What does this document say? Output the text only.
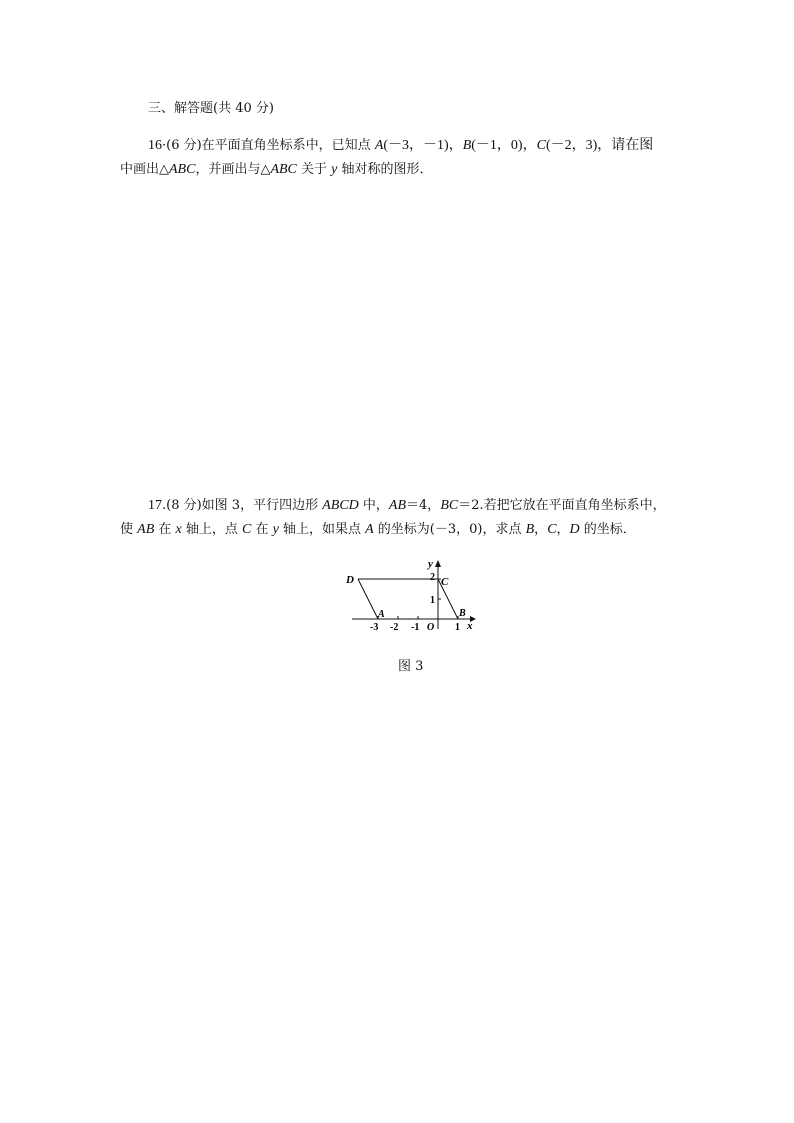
三、解答题(共 40 分)
16·(6 分)在平面直角坐标系中，已知点 A(－3，－1)，B(－1，0)，C(－2，3)，请在图
中画出△ABC，并画出与△ABC 关于 y 轴对称的图形．
17.(8 分)如图 3，平行四边形 ABCD 中，AB＝4，BC＝2.若把它放在平面直角坐标系中，
使 AB 在 x 轴上，点 C 在 y 轴上，如果点 A 的坐标为(－3，0)，求点 B，C，D 的坐标．
D	C
A	B
x
y
O
-3 -2 -1	1
1
2
图 3
